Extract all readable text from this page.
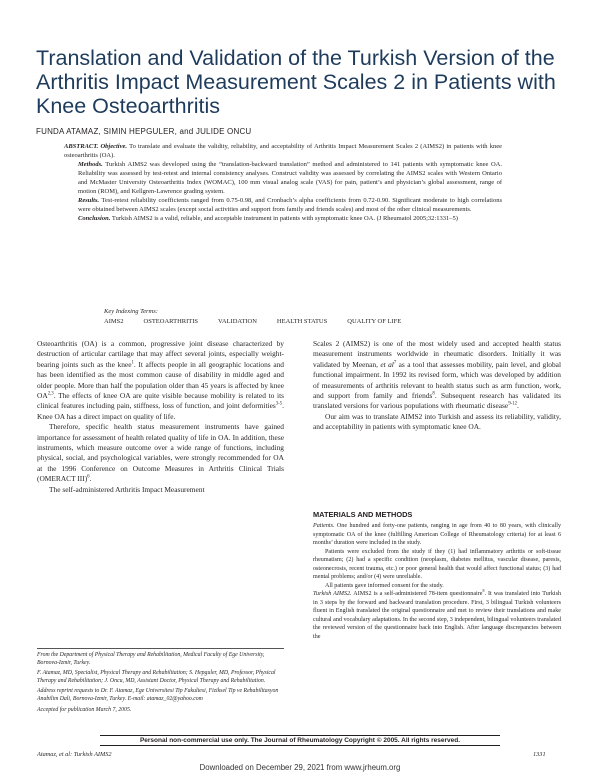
Translation and Validation of the Turkish Version of the Arthritis Impact Measurement Scales 2 in Patients with Knee Osteoarthritis
FUNDA ATAMAZ, SIMIN HEPGULER, and JULIDE ONCU

ABSTRACT. Objective. To translate and evaluate the validity, reliability, and acceptability of Arthritis Impact Measurement Scales 2 (AIMS2) in patients with knee osteoarthritis (OA).

Methods. Turkish AIMS2 was developed using the “translation-backward translation” method and administered to 141 patients with symptomatic knee OA. Reliability was assessed by test-retest and internal consistency analyses. Construct validity was assessed by correlating the AIMS2 scales with Western Ontario and McMaster University Osteoarthritis Index (WOMAC), 100 mm visual analog scale (VAS) for pain, patient’s and physician’s global assessment, range of motion (ROM), and Kellgren-Lawrence grading system.

Results. Test-retest reliability coefficients ranged from 0.75-0.98, and Cronbach’s alpha coefficients from 0.72-0.90. Significant moderate to high correlations were obtained between AIMS2 scales (except social activities and support from family and friends scales) and most of the other clinical measurements.

Conclusion. Turkish AIMS2 is a valid, reliable, and acceptable instrument in patients with symptomatic knee OA. (J Rheumatol 2005;32:1331–5)

Key Indexing Terms:
AIMS2	OSTEOARTHRITIS	VALIDATION	HEALTH STATUS	QUALITY OF LIFE

Osteoarthritis (OA) is a common, progressive joint disease characterized by destruction of articular cartilage that may affect several joints, especially weight-bearing joints such as the knee$^1$. It affects people in all geographic locations and has been identified as the most common cause of disability in middle aged and older people. More than half the population older than 45 years is affected by knee OA$^{2,3}$. The effects of knee OA are quite visible because mobility is related to its clinical features including pain, stiffness, loss of function, and joint deformities$^{3-5}$. Knee OA has a direct impact on quality of life.

Therefore, specific health status measurement instruments have gained importance for assessment of health related quality of life in OA. In addition, these instruments, which measure outcome over a wide range of functions, including physical, social, and psychological variables, were strongly recommended for OA at the 1996 Conference on Outcome Measures in Arthritis Clinical Trials (OMERACT III)$^6$.

The self-administered Arthritis Impact Measurement

Scales 2 (AIMS2) is one of the most widely used and accepted health status measurement instruments worldwide in rheumatic disorders. Initially it was validated by Meenan, et $al^7$ as a tool that assesses mobility, pain level, and global functional impairment. In 1992 its revised form, which was developed by addition of measurements of arthritis relevant to health status such as arm function, work, and support from family and friends$^8$. Subsequent research has validated its translated versions for various populations with rheumatic disease$^{9-12}$.

Our aim was to translate AIMS2 into Turkish and assess its reliability, validity, and acceptability in patients with symptomatic knee OA.

MATERIALS AND METHODS

Patients. One hundred and forty-one patients, ranging in age from 40 to 80 years, with clinically symptomatic OA of the knee (fulfilling American College of Rheumatology criteria) for at least 6 months’ duration were included in the study.

Patients were excluded from the study if they (1) had inflammatory arthritis or soft-tissue rheumatism; (2) had a specific condition (neoplasm, diabetes mellitus, vascular disease, paresis, osteonecrosis, recent trauma, etc.) or poor general health that would affect functional status; (3) had mental problems; and/or (4) were unreliable.

All patients gave informed consent for the study.

Turkish AIMS2. AIMS2 is a self-administered 78-item questionnaire$^8$. It was translated into Turkish in 3 steps by the forward and backward translation procedure. First, 3 bilingual Turkish volunteers fluent in English translated the original questionnaire and met to review their translations and make cultural and vocabulary adaptations. In the second step, 3 independent, bilingual volunteers translated the reviewed version of the questionnaire back into English. After language discrepancies between the

From the Department of Physical Therapy and Rehabilitation, Medical Faculty of Ege University, Bornova-Izmir, Turkey.

F. Atamaz, MD, Specialist, Physical Therapy and Rehabilitation; S. Hepguler, MD, Professor, Physical Therapy and Rehabilitation; J. Oncu, MD, Assistant Doctor, Physical Therapy and Rehabilitation.

Address reprint requests to Dr. F. Atamaz, Ege Universitesi Tip Fakultesi, Fiziksel Tip ve Rehabilitasyon Anabilim Dali, Bornova-Izmir, Turkey. E-mail: atamaz_02@yahoo.com

Accepted for publication March 7, 2005.

Personal non-commercial use only. The Journal of Rheumatology Copyright © 2005. All rights reserved.
Atamaz, et al: Turkish AIMS2	1331
Downloaded on December 29, 2021 from www.jrheum.org
